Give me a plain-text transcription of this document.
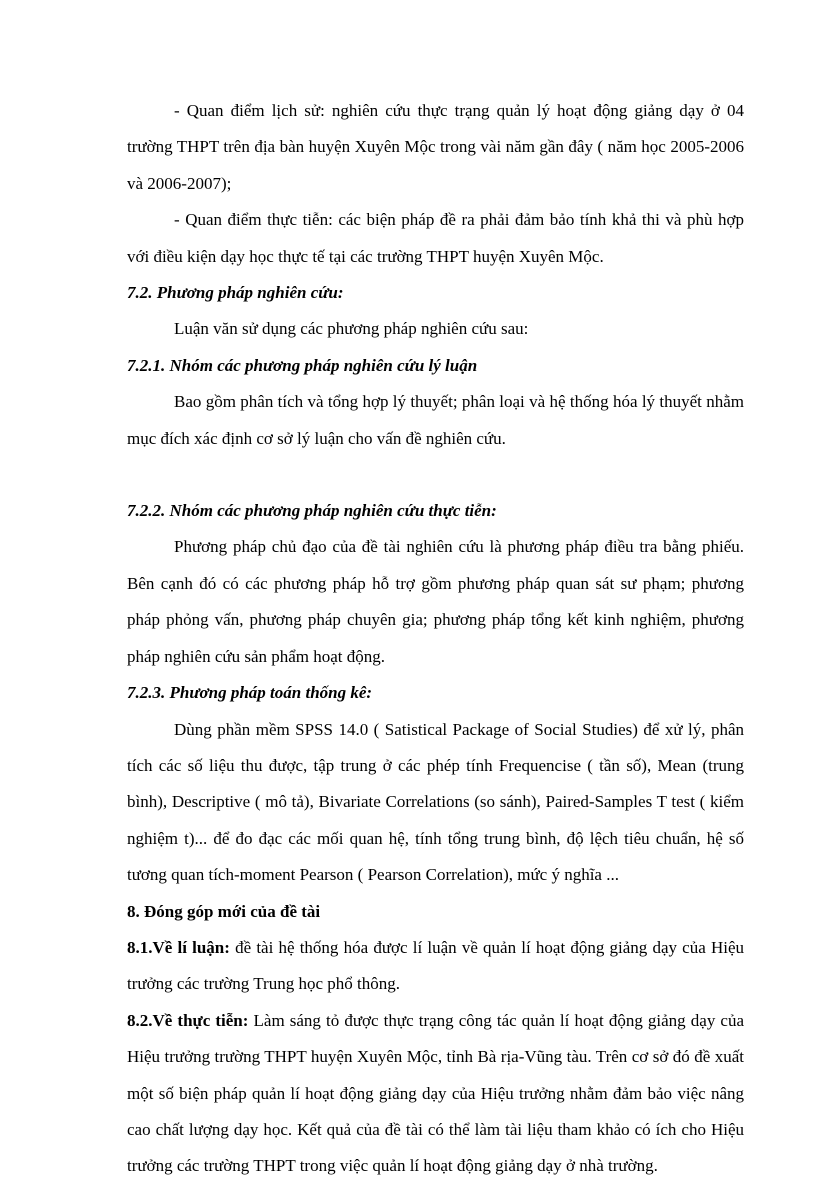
- Quan điểm lịch sử: nghiên cứu thực trạng quản lý hoạt động giảng dạy ở 04 trường THPT trên địa bàn huyện Xuyên Mộc trong vài năm gần đây ( năm học 2005-2006 và 2006-2007);

- Quan điểm thực tiễn: các biện pháp đề ra phải đảm bảo tính khả thi và phù hợp với điều kiện dạy học thực tế tại các trường THPT huyện Xuyên Mộc.

7.2. Phương pháp nghiên cứu:

Luận văn sử dụng các phương pháp nghiên cứu sau:

7.2.1. Nhóm các phương pháp nghiên cứu lý luận

Bao gồm phân tích và tổng hợp lý thuyết; phân loại và hệ thống hóa lý thuyết nhằm mục đích xác định cơ sở lý luận cho vấn đề nghiên cứu.

7.2.2. Nhóm các phương pháp nghiên cứu thực tiễn:

Phương pháp chủ đạo của đề tài nghiên cứu là phương pháp điều tra bằng phiếu. Bên cạnh đó có các phương pháp hỗ trợ gồm phương pháp quan sát sư phạm; phương pháp phỏng vấn, phương pháp chuyên gia; phương pháp tổng kết kinh nghiệm, phương pháp nghiên cứu sản phẩm hoạt động.

7.2.3. Phương pháp toán thống kê:

Dùng phần mềm SPSS 14.0 ( Satistical Package of Social Studies) để xử lý, phân tích các số liệu thu được, tập trung ở các phép tính Frequencise ( tần số), Mean (trung bình), Descriptive ( mô tả), Bivariate Correlations (so sánh), Paired-Samples T test ( kiểm nghiệm t)... để đo đạc các mối quan hệ, tính tổng trung bình, độ lệch tiêu chuẩn, hệ số tương quan tích-moment Pearson ( Pearson Correlation), mức ý nghĩa ...

8. Đóng góp mới của đề tài

8.1.Về lí luận: đề tài hệ thống hóa được lí luận về quản lí hoạt động giảng dạy của Hiệu trưởng các trường Trung học phổ thông.

8.2.Về thực tiễn: Làm sáng tỏ được thực trạng công tác quản lí hoạt động giảng dạy của Hiệu trưởng trường THPT huyện Xuyên Mộc, tỉnh Bà rịa-Vũng tàu. Trên cơ sở đó đề xuất một số biện pháp quản lí hoạt động giảng dạy của Hiệu trưởng nhằm đảm bảo việc nâng cao chất lượng dạy học. Kết quả của đề tài có thể làm tài liệu tham khảo có ích cho Hiệu trưởng các trường THPT trong việc quản lí hoạt động giảng dạy ở nhà trường.
